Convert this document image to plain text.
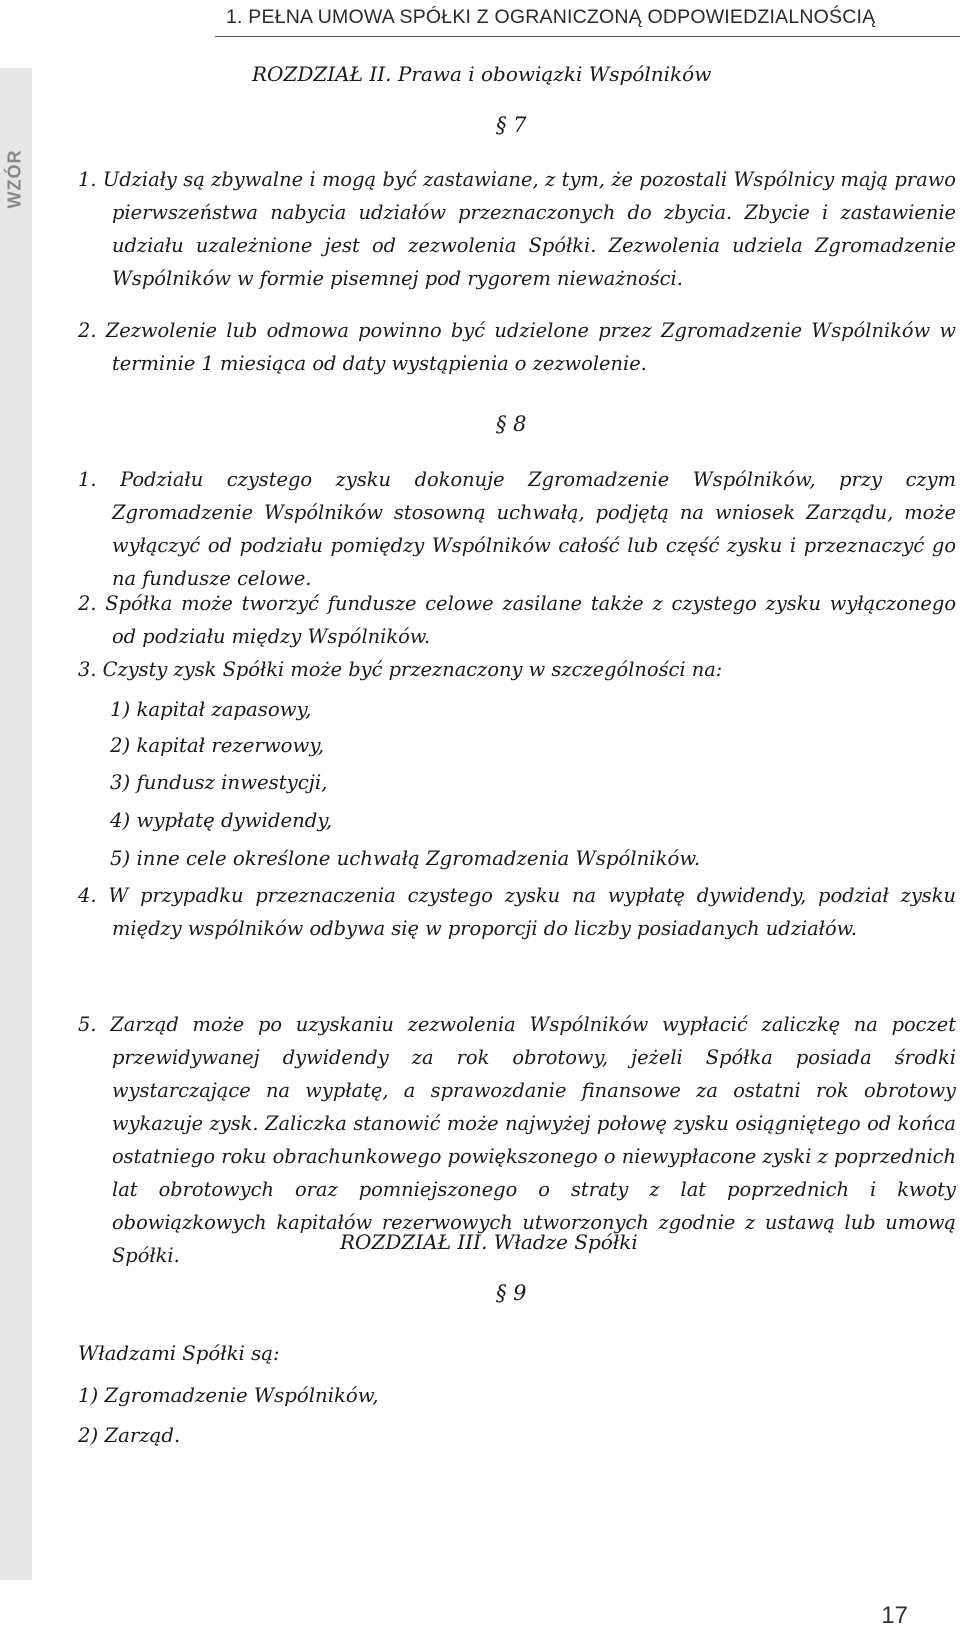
1. PEŁNA UMOWA SPÓŁKI Z OGRANICZONĄ ODPOWIEDZIALNOŚCIĄ
WZÓR
ROZDZIAŁ II. Prawa i obowiązki Wspólników
§ 7
1. Udziały są zbywalne i mogą być zastawiane, z tym, że pozostali Wspólnicy mają prawo pierwszeństwa nabycia udziałów przeznaczonych do zbycia. Zbycie i zastawienie udziału uzależnione jest od zezwolenia Spółki. Zezwolenia udziela Zgromadzenie Wspólników w formie pisemnej pod rygorem nieważności.
2. Zezwolenie lub odmowa powinno być udzielone przez Zgromadzenie Wspólników w terminie 1 miesiąca od daty wystąpienia o zezwolenie.
§ 8
1. Podziału czystego zysku dokonuje Zgromadzenie Wspólników, przy czym Zgromadzenie Wspólników stosowną uchwałą, podjętą na wniosek Zarządu, może wyłączyć od podziału pomiędzy Wspólników całość lub część zysku i przeznaczyć go na fundusze celowe.
2. Spółka może tworzyć fundusze celowe zasilane także z czystego zysku wyłączonego od podziału między Wspólników.
3. Czysty zysk Spółki może być przeznaczony w szczególności na:
1) kapitał zapasowy,
2) kapitał rezerwowy,
3) fundusz inwestycji,
4) wypłatę dywidendy,
5) inne cele określone uchwałą Zgromadzenia Wspólników.
4. W przypadku przeznaczenia czystego zysku na wypłatę dywidendy, podział zysku między wspólników odbywa się w proporcji do liczby posiadanych udziałów.
5. Zarząd może po uzyskaniu zezwolenia Wspólników wypłacić zaliczkę na poczet przewidywanej dywidendy za rok obrotowy, jeżeli Spółka posiada środki wystarczające na wypłatę, a sprawozdanie finansowe za ostatni rok obrotowy wykazuje zysk. Zaliczka stanowić może najwyżej połowę zysku osiągniętego od końca ostatniego roku obrachunkowego powiększonego o niewypłacone zyski z poprzednich lat obrotowych oraz pomniejszonego o straty z lat poprzednich i kwoty obowiązkowych kapitałów rezerwowych utworzonych zgodnie z ustawą lub umową Spółki.
ROZDZIAŁ III. Władze Spółki
§ 9
Władzami Spółki są:
1) Zgromadzenie Wspólników,
2) Zarząd.
17
